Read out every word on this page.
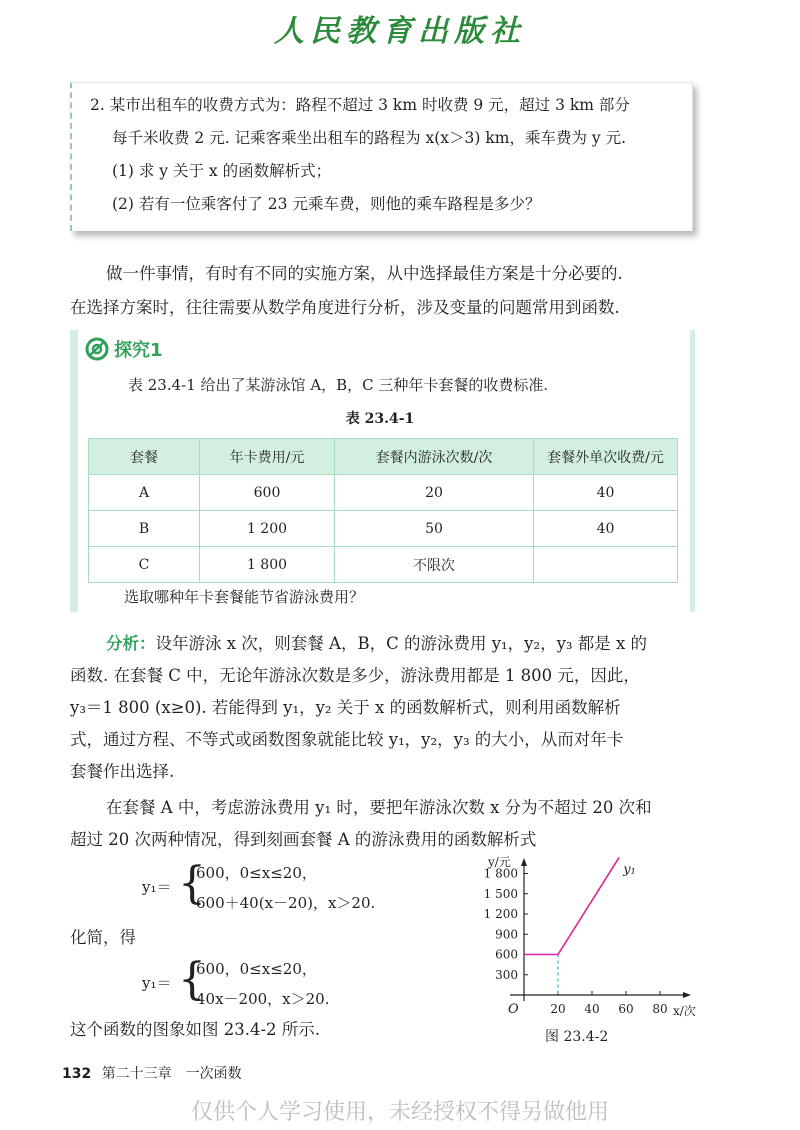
人民教育出版社
2. 某市出租车的收费方式为：路程不超过 3 km 时收费 9 元，超过 3 km 部分
每千米收费 2 元. 记乘客乘坐出租车的路程为 x(x＞3) km，乘车费为 y 元.
(1) 求 y 关于 x 的函数解析式；
(2) 若有一位乘客付了 23 元乘车费，则他的乘车路程是多少？
做一件事情，有时有不同的实施方案，从中选择最佳方案是十分必要的.
在选择方案时，往往需要从数学角度进行分析，涉及变量的问题常用到函数.
探究1
表 23.4-1 给出了某游泳馆 A，B，C 三种年卡套餐的收费标准.
表 23.4-1
套餐	年卡费用/元	套餐内游泳次数/次	套餐外单次收费/元
A	600	20	40
B	1 200	50	40
C	1 800	不限次	
选取哪种年卡套餐能节省游泳费用？
分析：设年游泳 x 次，则套餐 A，B，C 的游泳费用 y₁，y₂，y₃ 都是 x 的
函数. 在套餐 C 中，无论年游泳次数是多少，游泳费用都是 1 800 元，因此，
y₃＝1 800 (x≥0). 若能得到 y₁，y₂ 关于 x 的函数解析式，则利用函数解析
式，通过方程、不等式或函数图象就能比较 y₁，y₂，y₃ 的大小，从而对年卡
套餐作出选择.
在套餐 A 中，考虑游泳费用 y₁ 时，要把年游泳次数 x 分为不超过 20 次和
超过 20 次两种情况，得到刻画套餐 A 的游泳费用的函数解析式
y₁＝ {
600，0≤x≤20，
600＋40(x－20)，x＞20.
化简，得
y₁＝ {
600，0≤x≤20，
40x－200，x＞20.
这个函数的图象如图 23.4-2 所示.
y/元
x/次
O
300
600
900
1 200
1 500
1 800
20 40 60 80
y₁
图 23.4-2
132 第二十三章　一次函数
仅供个人学习使用，未经授权不得另做他用
